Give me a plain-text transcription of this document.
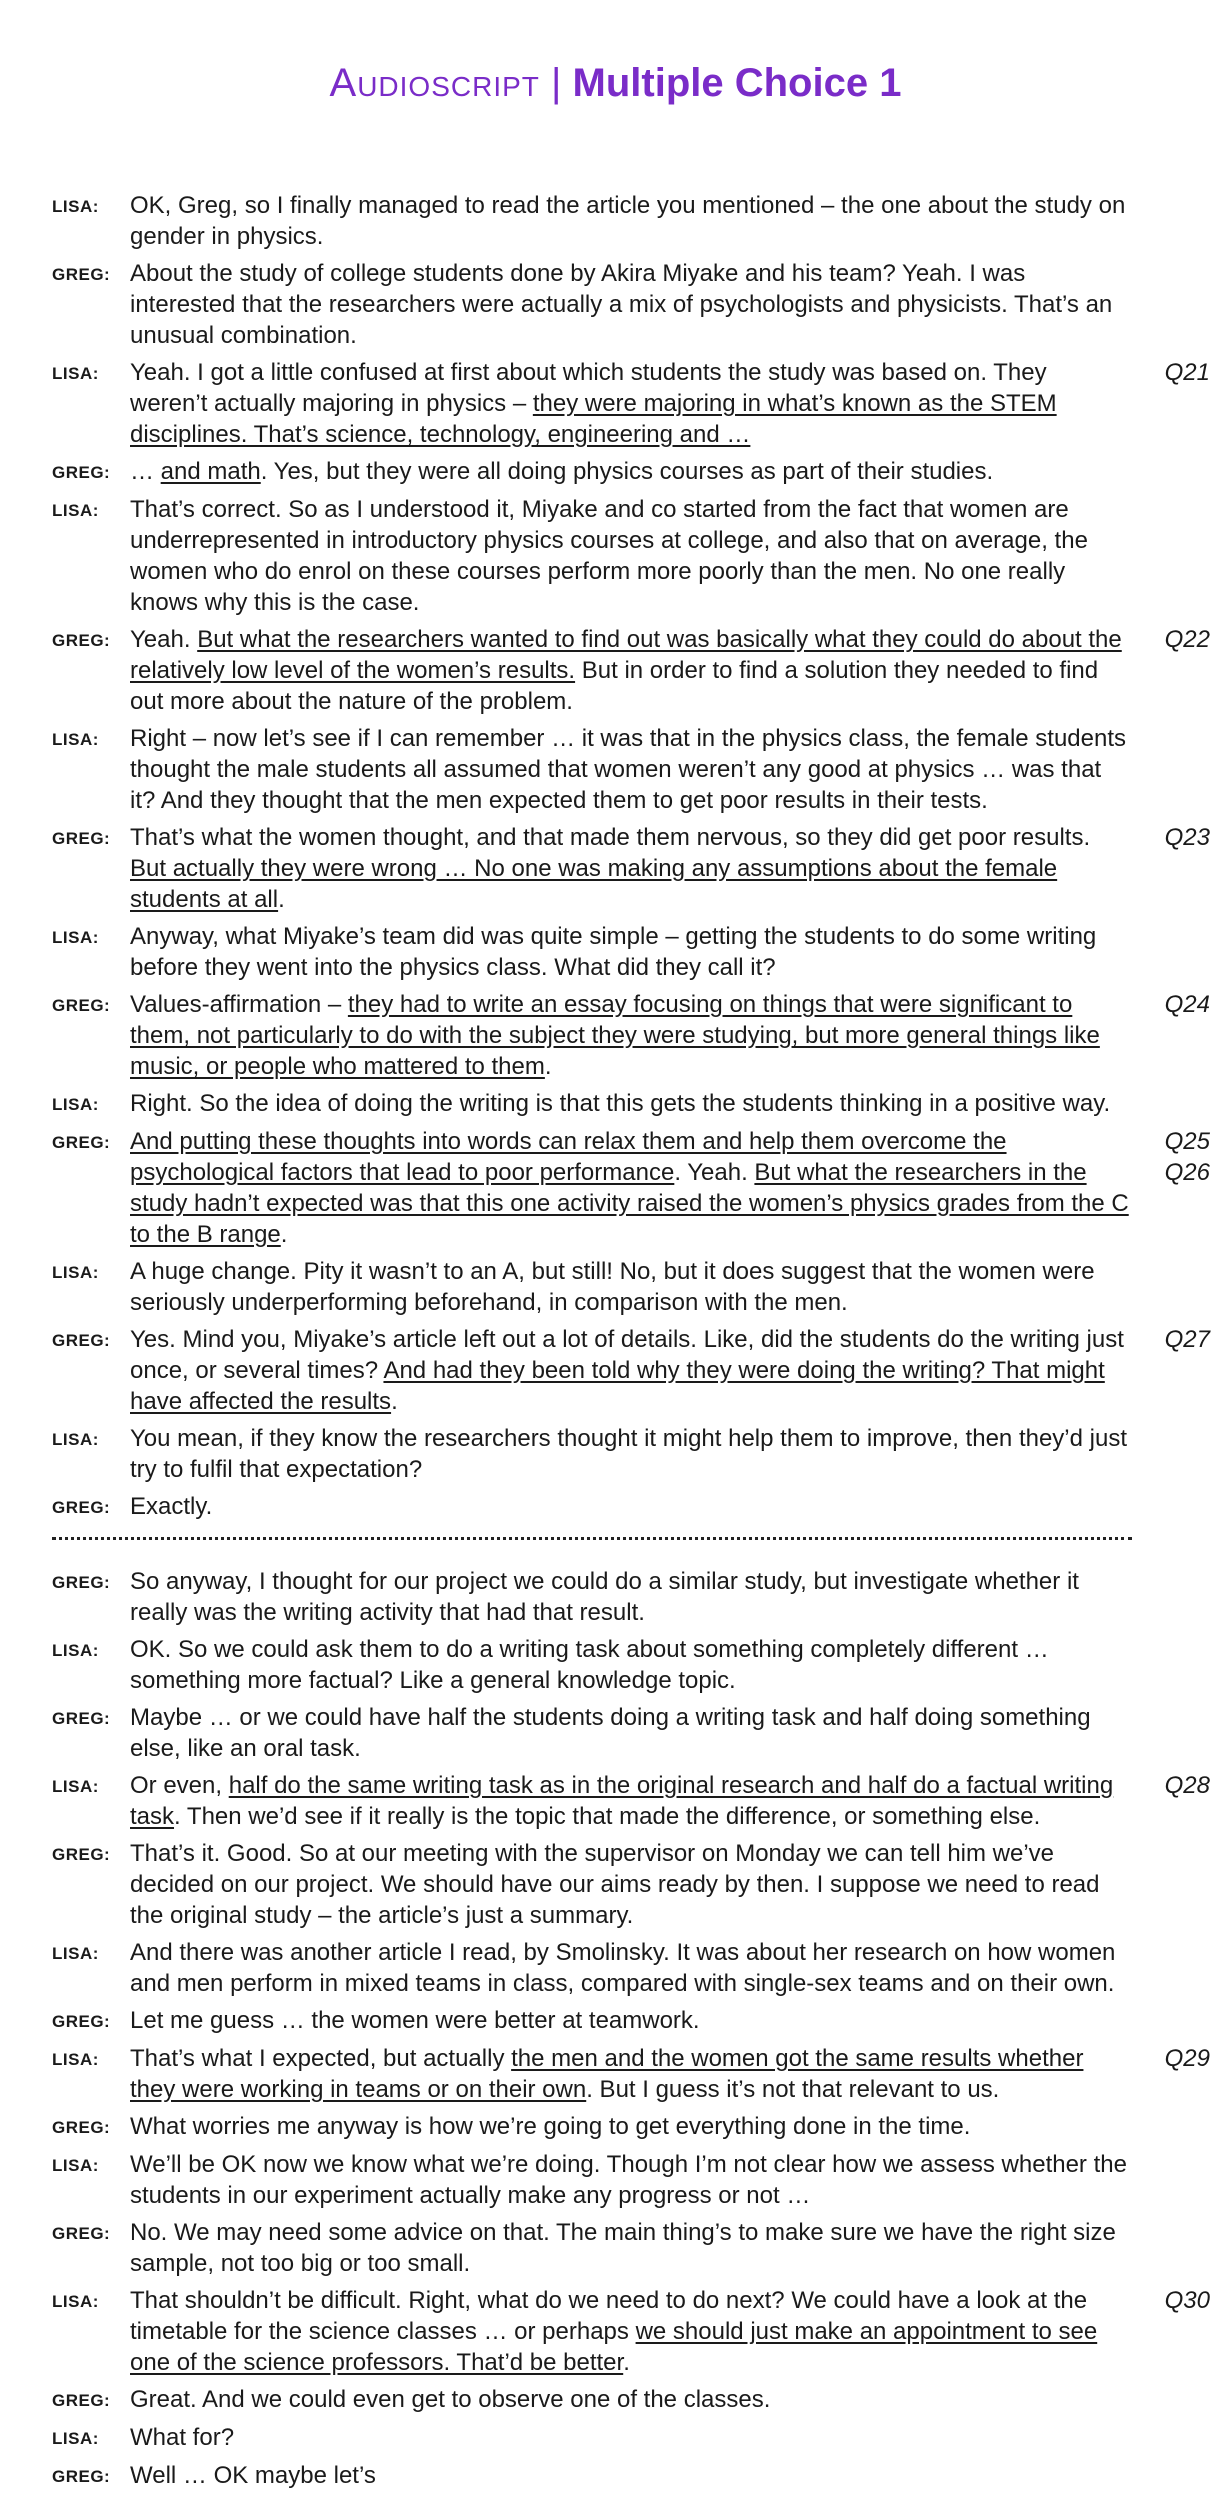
Audioscript | Multiple Choice 1
LISA:	OK, Greg, so I finally managed to read the article you mentioned – the one about the study on gender in physics.
GREG: About the study of college students done by Akira Miyake and his team? Yeah. I was interested that the researchers were actually a mix of psychologists and physicists. That’s an unusual combination.
LISA:	Yeah. I got a little confused at first about which students the study was based on. They weren’t actually majoring in physics – they were majoring in what’s known as the STEM disciplines. That’s science, technology, engineering and …
Q21
GREG: … and math. Yes, but they were all doing physics courses as part of their studies.
LISA:	That’s correct. So as I understood it, Miyake and co started from the fact that women are underrepresented in introductory physics courses at college, and also that on average, the women who do enrol on these courses perform more poorly than the men. No one really knows why this is the case.
GREG: Yeah. But what the researchers wanted to find out was basically what they could do about the relatively low level of the women’s results. But in order to find a solution they needed to find out more about the nature of the problem.
Q22
LISA:	Right – now let’s see if I can remember … it was that in the physics class, the female students thought the male students all assumed that women weren’t any good at physics … was that it? And they thought that the men expected them to get poor results in their tests.
GREG: That’s what the women thought, and that made them nervous, so they did get poor results. But actually they were wrong … No one was making any assumptions about the female students at all.
Q23
LISA:	Anyway, what Miyake’s team did was quite simple – getting the students to do some writing before they went into the physics class. What did they call it?
GREG: Values-affirmation – they had to write an essay focusing on things that were significant to them, not particularly to do with the subject they were studying, but more general things like music, or people who mattered to them.
Q24
LISA:	Right. So the idea of doing the writing is that this gets the students thinking in a positive way.
GREG: And putting these thoughts into words can relax them and help them overcome the psychological factors that lead to poor performance. Yeah. But what the researchers in the study hadn’t expected was that this one activity raised the women’s physics grades from the C to the B range.
Q25
Q26
LISA:	A huge change. Pity it wasn’t to an A, but still! No, but it does suggest that the women were seriously underperforming beforehand, in comparison with the men.
GREG: Yes. Mind you, Miyake’s article left out a lot of details. Like, did the students do the writing just once, or several times? And had they been told why they were doing the writing? That might have affected the results.
Q27
LISA:	You mean, if they know the researchers thought it might help them to improve, then they’d just try to fulfil that expectation?
GREG: Exactly.
GREG: So anyway, I thought for our project we could do a similar study, but investigate whether it really was the writing activity that had that result.
LISA:	OK. So we could ask them to do a writing task about something completely different … something more factual? Like a general knowledge topic.
GREG: Maybe … or we could have half the students doing a writing task and half doing something else, like an oral task.
LISA:	Or even, half do the same writing task as in the original research and half do a factual writing task. Then we’d see if it really is the topic that made the difference, or something else.
Q28
GREG: That’s it. Good. So at our meeting with the supervisor on Monday we can tell him we’ve decided on our project. We should have our aims ready by then. I suppose we need to read the original study – the article’s just a summary.
LISA:	And there was another article I read, by Smolinsky. It was about her research on how women and men perform in mixed teams in class, compared with single-sex teams and on their own.
GREG: Let me guess … the women were better at teamwork.
LISA:	That’s what I expected, but actually the men and the women got the same results whether they were working in teams or on their own. But I guess it’s not that relevant to us.
Q29
GREG: What worries me anyway is how we’re going to get everything done in the time.
LISA:	We’ll be OK now we know what we’re doing. Though I’m not clear how we assess whether the students in our experiment actually make any progress or not …
GREG: No. We may need some advice on that. The main thing’s to make sure we have the right size sample, not too big or too small.
LISA:	That shouldn’t be difficult. Right, what do we need to do next? We could have a look at the timetable for the science classes … or perhaps we should just make an appointment to see one of the science professors. That’d be better.
Q30
GREG: Great. And we could even get to observe one of the classes.
LISA:	What for?
GREG: Well … OK maybe let’s
